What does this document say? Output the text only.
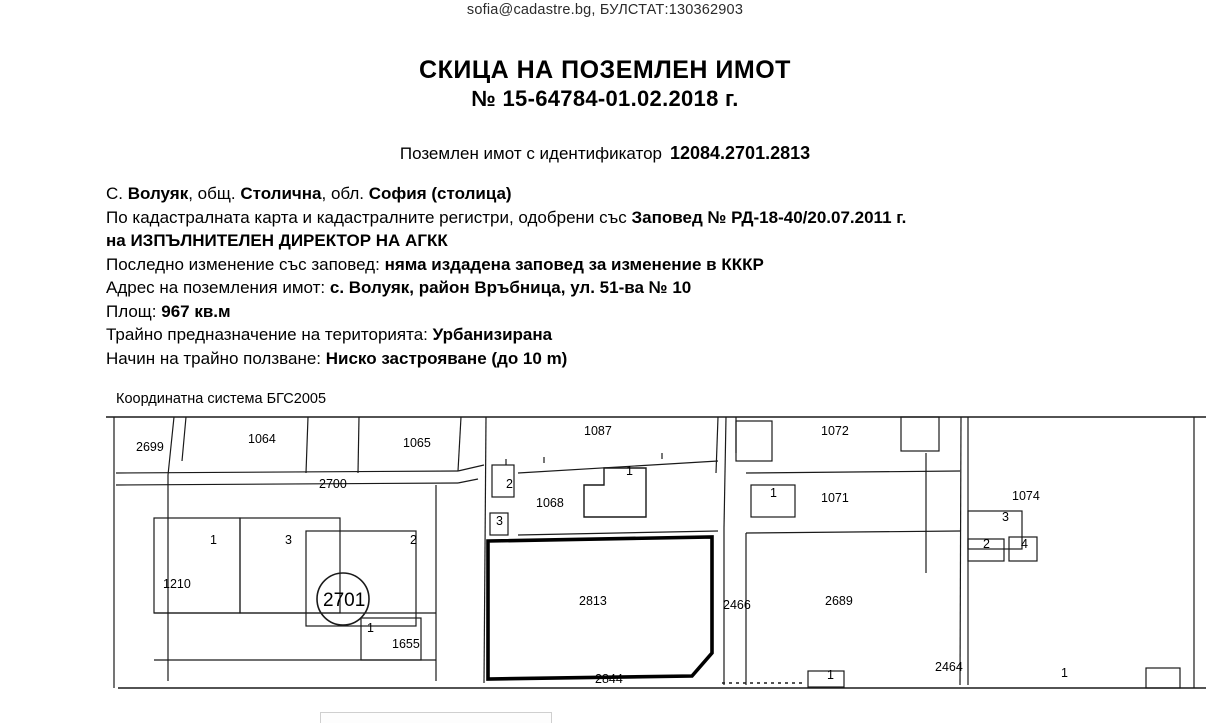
sofia@cadastre.bg, БУЛСТАТ:130362903
СКИЦА НА ПОЗЕМЛЕН ИМОТ
№ 15-64784-01.02.2018 г.
Поземлен имот с идентификатор 12084.2701.2813
С. Волуяк, общ. Столична, обл. София (столица)
По кадастралната карта и кадастралните регистри, одобрени със Заповед № РД-18-40/20.07.2011 г.
на ИЗПЪЛНИТЕЛЕН ДИРЕКТОР НА АГКК
Последно изменение със заповед: няма издадена заповед за изменение в КККР
Адрес на поземления имот: с. Волуяк, район Връбница, ул. 51-ва № 10
Площ: 967 кв.м
Трайно предназначение на територията: Урбанизирана
Начин на трайно ползване: Ниско застрояване (до 10 m)
Координатна система БГС2005
2699
1064	1065
1087	1072
2700	2
1
1068
3
1	1071	1074
3
2 4
1	3	2
1210
2701
1
1655
2813	2466	2689
2844	1
2464	1
